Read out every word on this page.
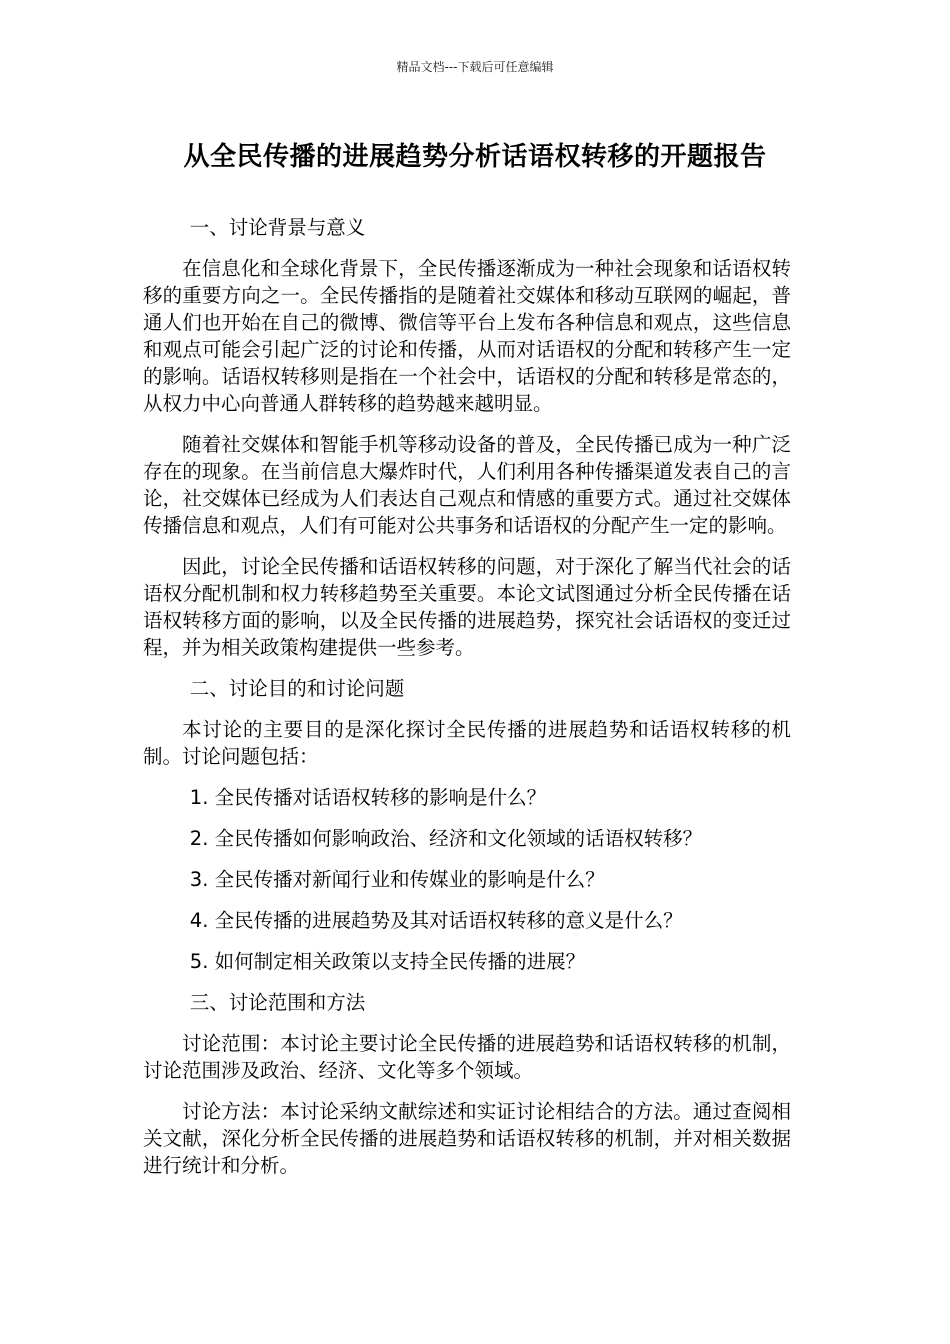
精品文档---下载后可任意编辑
从全民传播的进展趋势分析话语权转移的开题报告

一、讨论背景与意义

在信息化和全球化背景下，全民传播逐渐成为一种社会现象和话语权转移的重要方向之一。全民传播指的是随着社交媒体和移动互联网的崛起，普通人们也开始在自己的微博、微信等平台上发布各种信息和观点，这些信息和观点可能会引起广泛的讨论和传播，从而对话语权的分配和转移产生一定的影响。话语权转移则是指在一个社会中，话语权的分配和转移是常态的，从权力中心向普通人群转移的趋势越来越明显。

随着社交媒体和智能手机等移动设备的普及，全民传播已成为一种广泛存在的现象。在当前信息大爆炸时代，人们利用各种传播渠道发表自己的言论，社交媒体已经成为人们表达自己观点和情感的重要方式。通过社交媒体传播信息和观点，人们有可能对公共事务和话语权的分配产生一定的影响。

因此，讨论全民传播和话语权转移的问题，对于深化了解当代社会的话语权分配机制和权力转移趋势至关重要。本论文试图通过分析全民传播在话语权转移方面的影响，以及全民传播的进展趋势，探究社会话语权的变迁过程，并为相关政策构建提供一些参考。

二、讨论目的和讨论问题

本讨论的主要目的是深化探讨全民传播的进展趋势和话语权转移的机制。讨论问题包括：

1. 全民传播对话语权转移的影响是什么？

2. 全民传播如何影响政治、经济和文化领域的话语权转移？

3. 全民传播对新闻行业和传媒业的影响是什么？

4. 全民传播的进展趋势及其对话语权转移的意义是什么？

5. 如何制定相关政策以支持全民传播的进展？

三、讨论范围和方法

讨论范围：本讨论主要讨论全民传播的进展趋势和话语权转移的机制，讨论范围涉及政治、经济、文化等多个领域。

讨论方法：本讨论采纳文献综述和实证讨论相结合的方法。通过查阅相关文献，深化分析全民传播的进展趋势和话语权转移的机制，并对相关数据进行统计和分析。
